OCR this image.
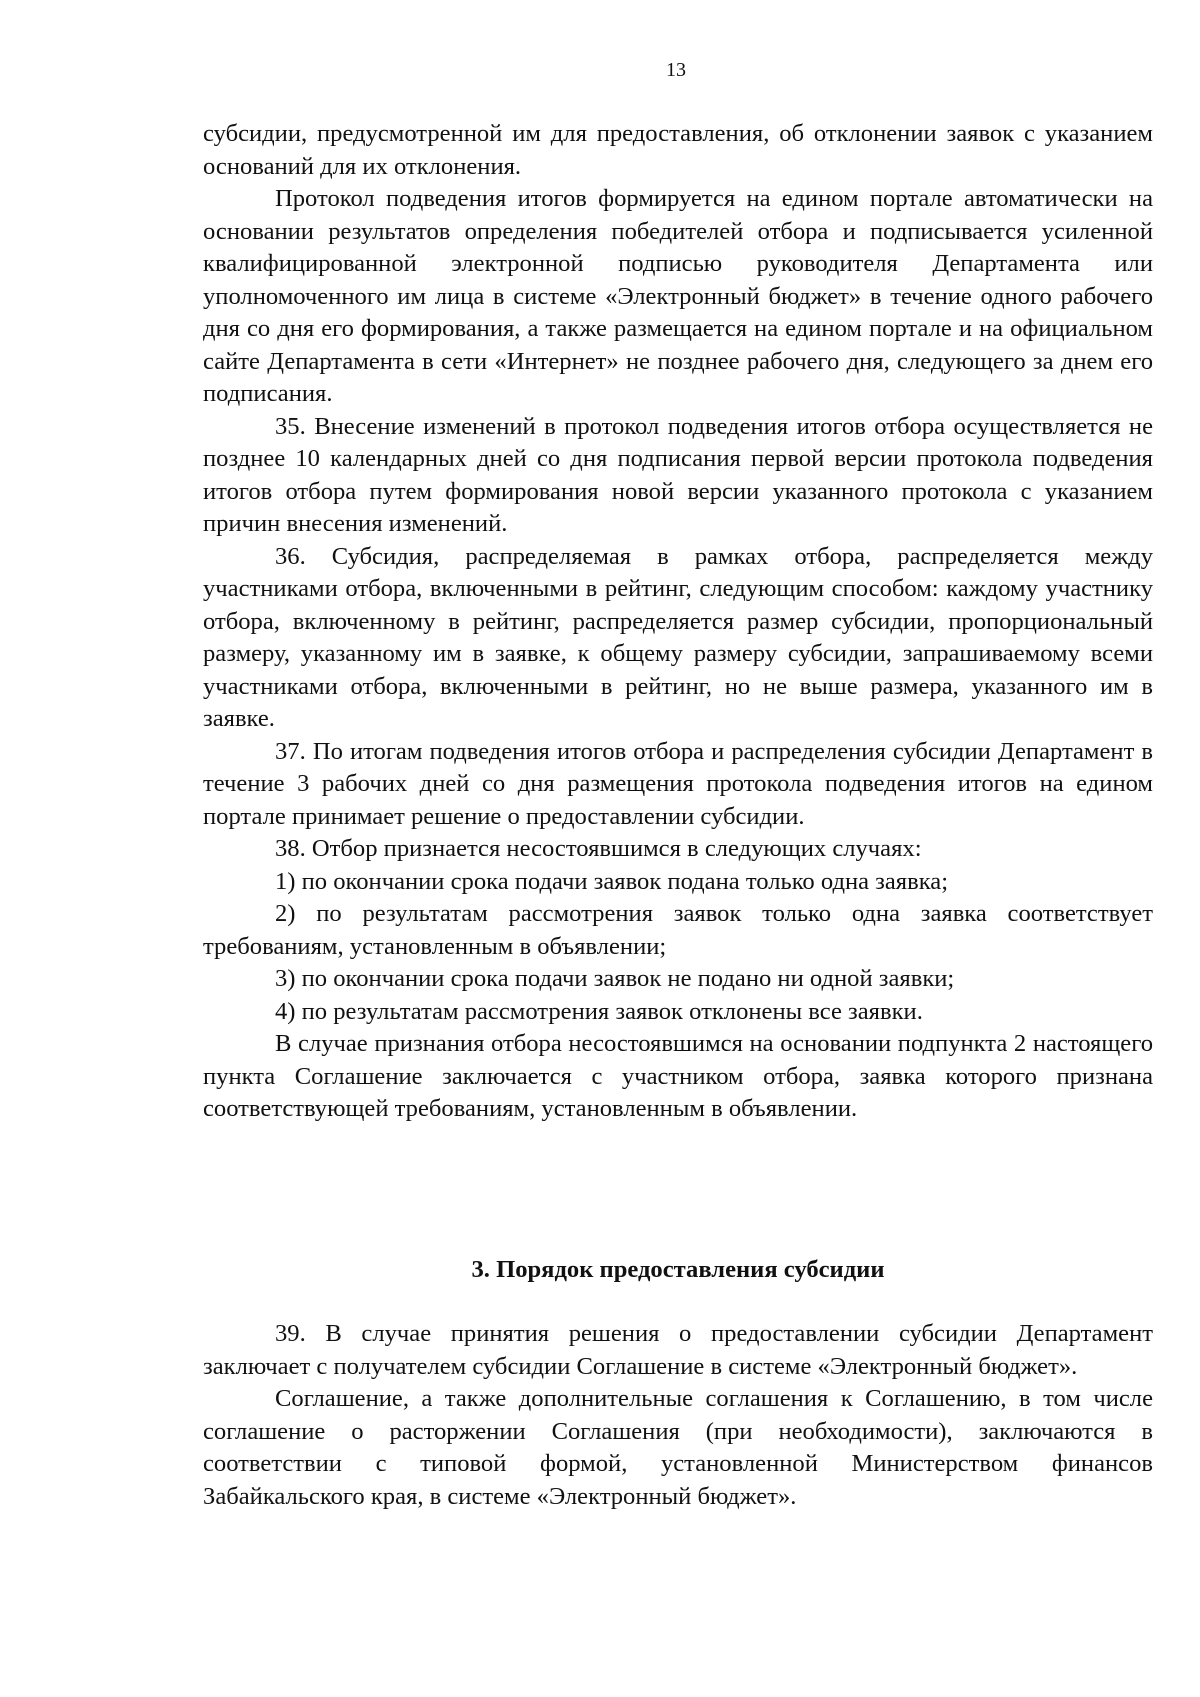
13

субсидии, предусмотренной им для предоставления, об отклонении заявок с указанием оснований для их отклонения.

Протокол подведения итогов формируется на едином портале автоматически на основании результатов определения победителей отбора и подписывается усиленной квалифицированной электронной подписью руководителя Департамента или уполномоченного им лица в системе «Электронный бюджет» в течение одного рабочего дня со дня его формирования, а также размещается на едином портале и на официальном сайте Департамента в сети «Интернет» не позднее рабочего дня, следующего за днем его подписания.

35. Внесение изменений в протокол подведения итогов отбора осуществляется не позднее 10 календарных дней со дня подписания первой версии протокола подведения итогов отбора путем формирования новой версии указанного протокола с указанием причин внесения изменений.

36. Субсидия, распределяемая в рамках отбора, распределяется между участниками отбора, включенными в рейтинг, следующим способом: каждому участнику отбора, включенному в рейтинг, распределяется размер субсидии, пропорциональный размеру, указанному им в заявке, к общему размеру субсидии, запрашиваемому всеми участниками отбора, включенными в рейтинг, но не выше размера, указанного им в заявке.

37. По итогам подведения итогов отбора и распределения субсидии Департамент в течение 3 рабочих дней со дня размещения протокола подведения итогов на едином портале принимает решение о предоставлении субсидии.

38. Отбор признается несостоявшимся в следующих случаях:

1) по окончании срока подачи заявок подана только одна заявка;

2) по результатам рассмотрения заявок только одна заявка соответствует требованиям, установленным в объявлении;

3) по окончании срока подачи заявок не подано ни одной заявки;

4) по результатам рассмотрения заявок отклонены все заявки.

В случае признания отбора несостоявшимся на основании подпункта 2 настоящего пункта Соглашение заключается с участником отбора, заявка которого признана соответствующей требованиям, установленным в объявлении.

3. Порядок предоставления субсидии

39. В случае принятия решения о предоставлении субсидии Департамент заключает с получателем субсидии Соглашение в системе «Электронный бюджет».

Соглашение, а также дополнительные соглашения к Соглашению, в том числе соглашение о расторжении Соглашения (при необходимости), заключаются в соответствии с типовой формой, установленной Министерством финансов Забайкальского края, в системе «Электронный бюджет».
